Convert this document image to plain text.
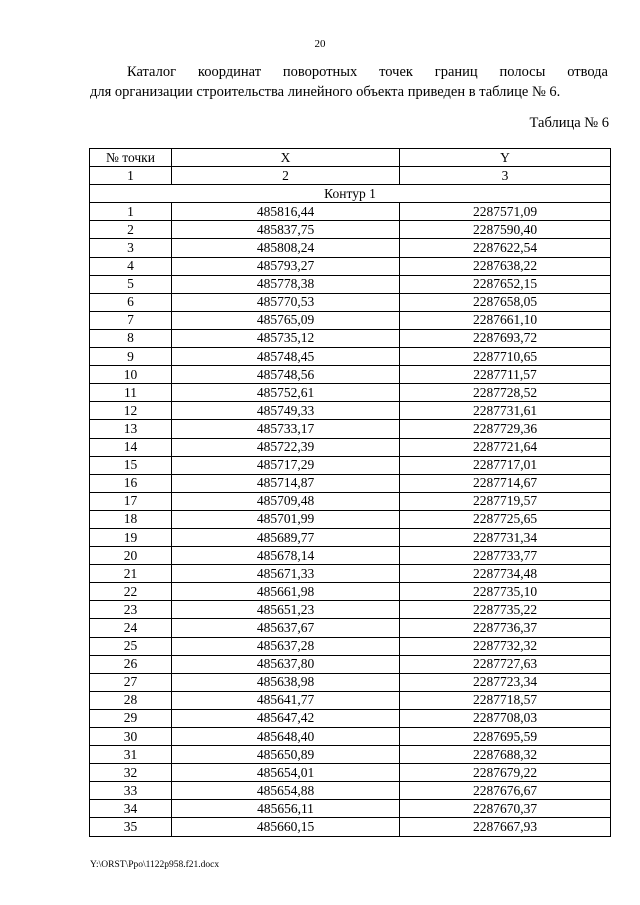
20
Каталог координат поворотных точек границ полосы отвода
для организации строительства линейного объекта приведен в таблице № 6.
Таблица № 6
№ точки	X	Y
1	2	3
Контур 1		
1	485816,44	2287571,09
2	485837,75	2287590,40
3	485808,24	2287622,54
4	485793,27	2287638,22
5	485778,38	2287652,15
6	485770,53	2287658,05
7	485765,09	2287661,10
8	485735,12	2287693,72
9	485748,45	2287710,65
10	485748,56	2287711,57
11	485752,61	2287728,52
12	485749,33	2287731,61
13	485733,17	2287729,36
14	485722,39	2287721,64
15	485717,29	2287717,01
16	485714,87	2287714,67
17	485709,48	2287719,57
18	485701,99	2287725,65
19	485689,77	2287731,34
20	485678,14	2287733,77
21	485671,33	2287734,48
22	485661,98	2287735,10
23	485651,23	2287735,22
24	485637,67	2287736,37
25	485637,28	2287732,32
26	485637,80	2287727,63
27	485638,98	2287723,34
28	485641,77	2287718,57
29	485647,42	2287708,03
30	485648,40	2287695,59
31	485650,89	2287688,32
32	485654,01	2287679,22
33	485654,88	2287676,67
34	485656,11	2287670,37
35	485660,15	2287667,93
Y:\ORST\Ppo\1122p958.f21.docx
